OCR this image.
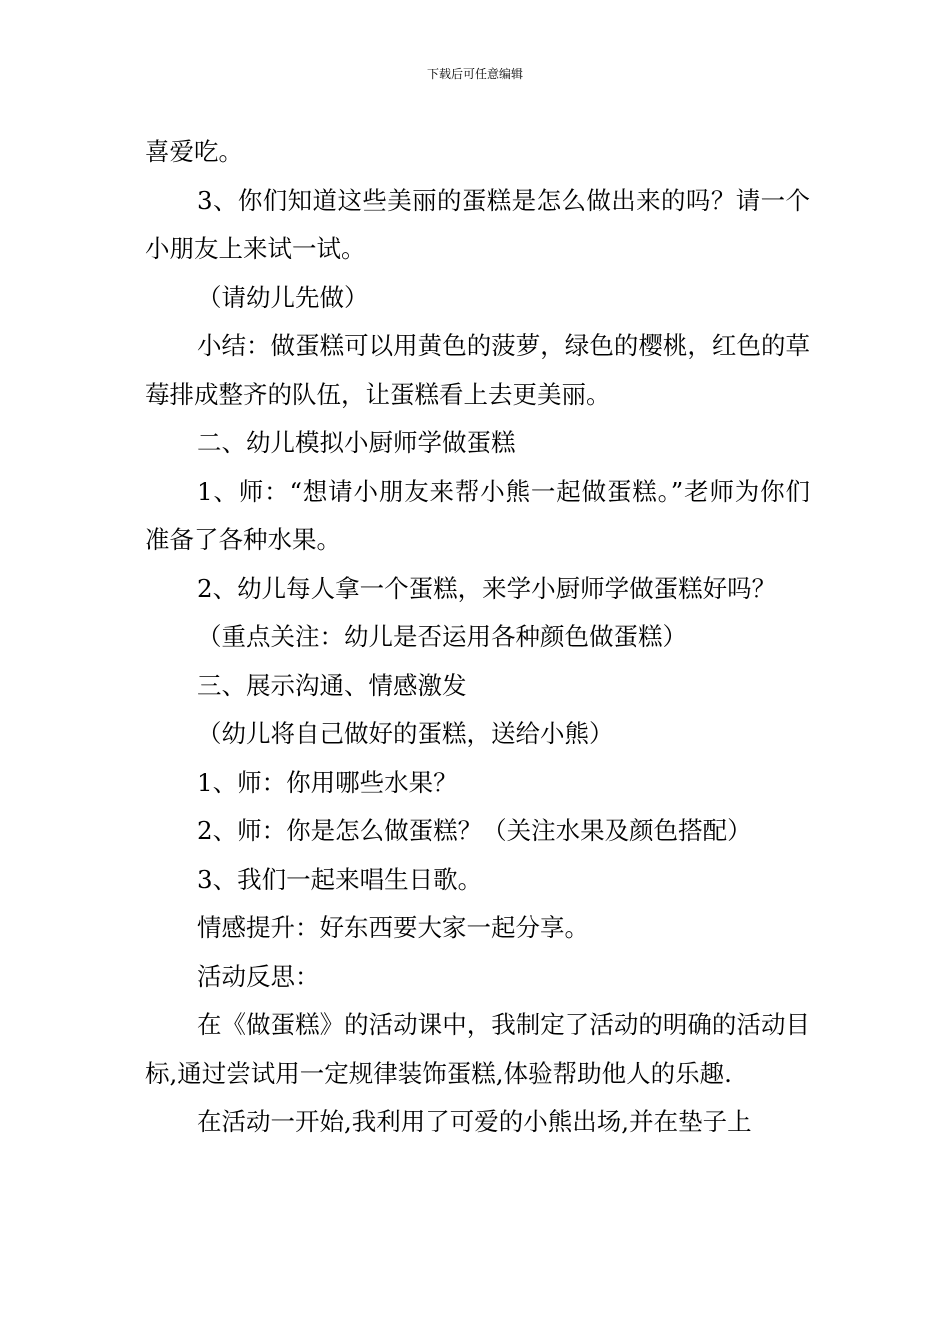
下载后可任意编辑

喜爱吃。

3、你们知道这些美丽的蛋糕是怎么做出来的吗？请一个小朋友上来试一试。

（请幼儿先做）

小结：做蛋糕可以用黄色的菠萝，绿色的樱桃，红色的草莓排成整齐的队伍，让蛋糕看上去更美丽。

二、幼儿模拟小厨师学做蛋糕

1、师：“想请小朋友来帮小熊一起做蛋糕。”老师为你们准备了各种水果。

2、幼儿每人拿一个蛋糕，来学小厨师学做蛋糕好吗？

（重点关注：幼儿是否运用各种颜色做蛋糕）

三、展示沟通、情感激发

（幼儿将自己做好的蛋糕，送给小熊）

1、师：你用哪些水果？

2、师：你是怎么做蛋糕？（关注水果及颜色搭配）

3、我们一起来唱生日歌。

情感提升：好东西要大家一起分享。

活动反思：

在《做蛋糕》的活动课中，我制定了活动的明确的活动目标,通过尝试用一定规律装饰蛋糕,体验帮助他人的乐趣.

在活动一开始,我利用了可爱的小熊出场,并在垫子上
